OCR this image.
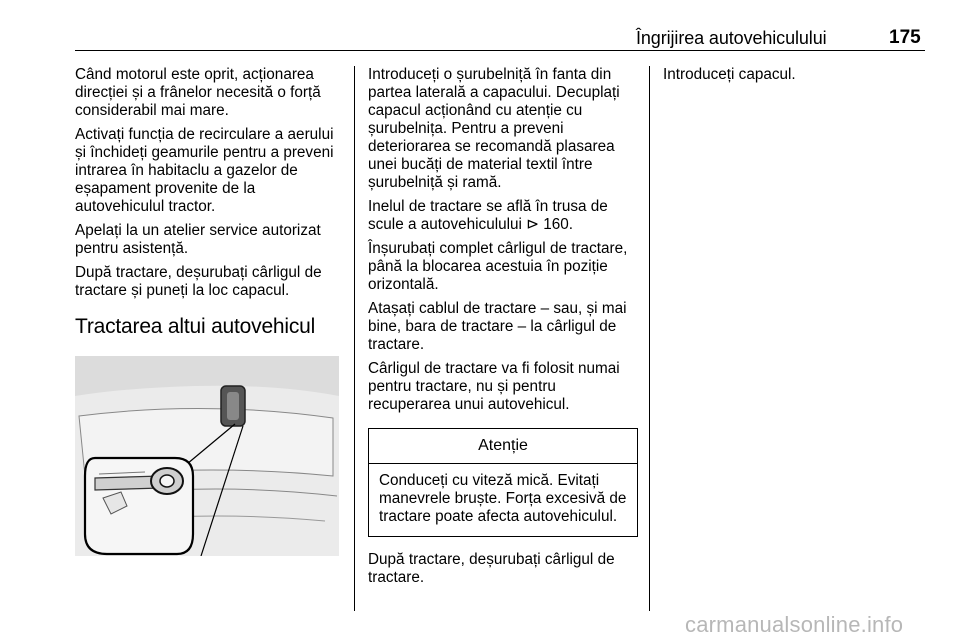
Îngrijirea autovehiculului	175

Când motorul este oprit, acționarea direcției și a frânelor necesită o forță considerabil mai mare.

Activați funcția de recirculare a aerului și închideți geamurile pentru a preveni intrarea în habitaclu a gazelor de eșapament provenite de la autovehiculul tractor.

Apelați la un atelier service autorizat pentru asistență.

După tractare, deșurubați cârligul de tractare și puneți la loc capacul.

Tractarea altui autovehicul

Introduceți o șurubelniță în fanta din partea laterală a capacului. Decuplați capacul acționând cu atenție cu șurubelnița. Pentru a preveni deteriorarea se recomandă plasarea unei bucăți de material textil între șurubelniță și ramă.

Inelul de tractare se află în trusa de scule a autovehiculului ⊳ 160.

Înșurubați complet cârligul de tractare, până la blocarea acestuia în poziție orizontală.

Atașați cablul de tractare – sau, și mai bine, bara de tractare – la cârligul de tractare.

Cârligul de tractare va fi folosit numai pentru tractare, nu și pentru recuperarea unui autovehicul.

Atenție
Conduceți cu viteză mică. Evitați manevrele bruște. Forța excesivă de tractare poate afecta autovehiculul.

După tractare, deșurubați cârligul de tractare.

Introduceți capacul.

carmanualsonline.info
